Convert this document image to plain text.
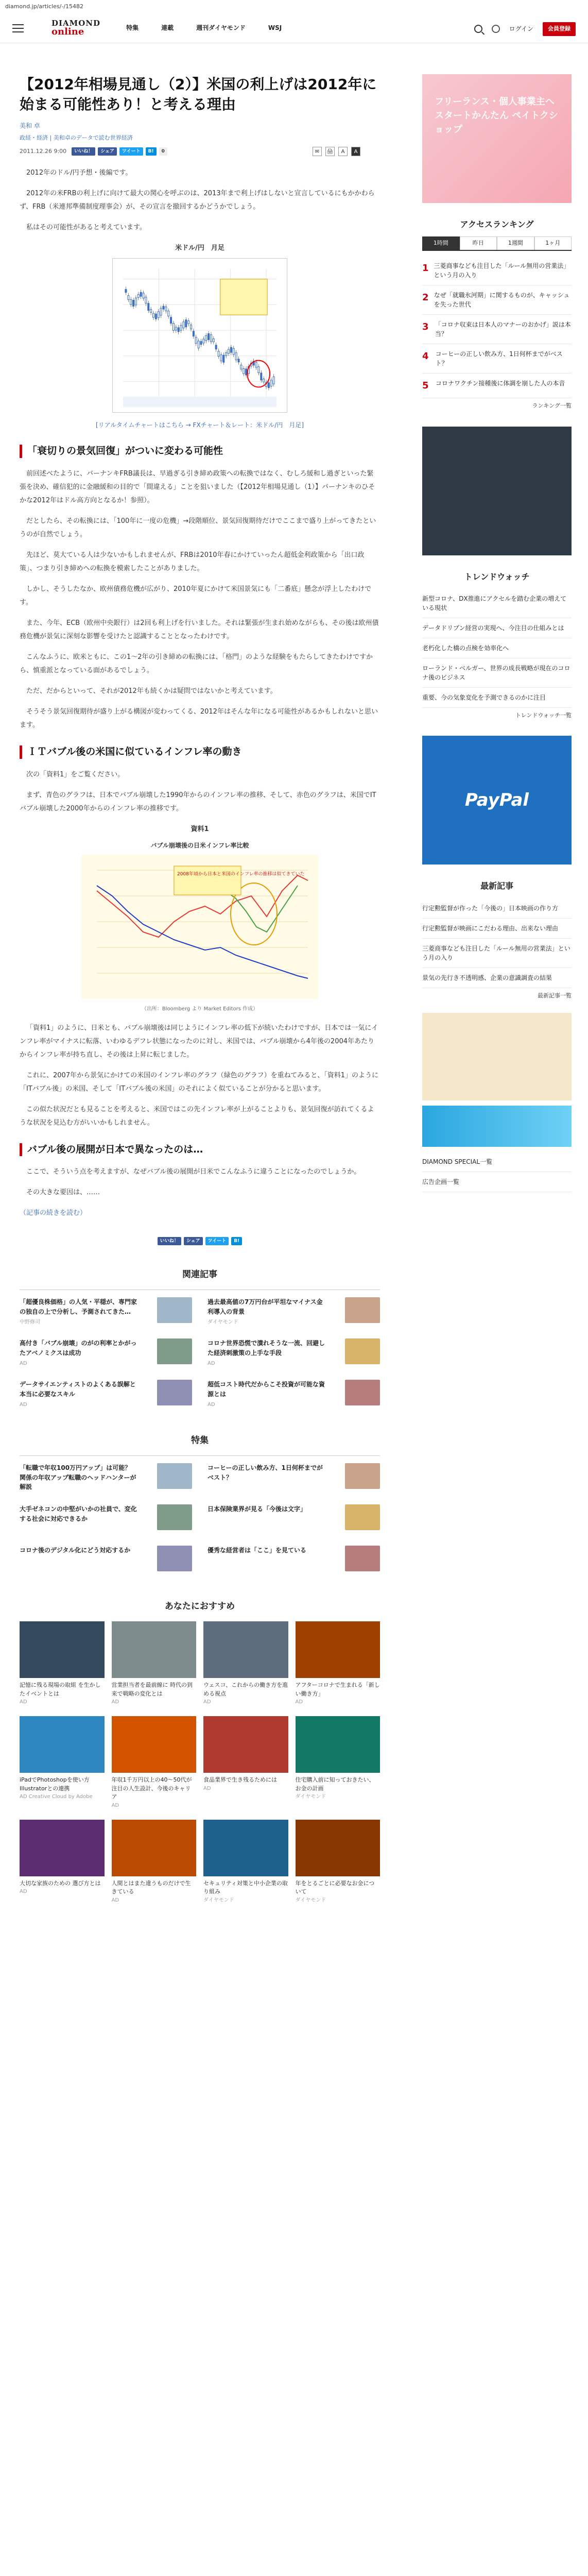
diamond.jp/articles/-/15482
DIAMOND
online	特集	連載	週刊ダイヤモンド	WSJ	ログイン	会員登録
【2012年相場見通し（2）】米国の利上げは2012年に始まる可能性あり！と考える理由
美和 卓
政経・経済 | 美和卓のデータで読む世界経済
2011.12.26 9:00	いいね！	シェア	ツイート	B!	0	✉	🖨	A	A

2012年のドル/円予想・後編です。

2012年の米FRBの利上げに向けて最大の関心を呼ぶのは、2013年まで利上げはしないと宣言しているにもかかわらず、FRB（米連邦準備制度理事会）が、その宣言を撤回するかどうかでしょう。

私はその可能性があると考えています。

米ドル/円　月足
[リアルタイムチャートはこちら → FXチャート＆レート：米ドル/円　月足]
「衰切りの景気回復」がついに変わる可能性

前回述べたように、バーナンキFRB議長は、早過ぎる引き締め政策への転換ではなく、むしろ緩和し過ぎといった緊張を決め、確信犯的に金融緩和の目的で「間違える」ことを狙いました（【2012年相場見通し（1）】バーナンキのひそかな2012年はドル高方向となるか！参照）。

だとしたら、その転換には、「100年に一度の危機」→段階順位、景気回復期待だけでここまで盛り上がってきたというのが自然でしょう。

先ほど、莫大ている人は少ないかもしれませんが、FRBは2010年春にかけていったん超低金利政策から「出口政策」、つまり引き締めへの転換を模索したことがありました。

しかし、そうしたなか、欧州債務危機が広がり、2010年夏にかけて米国景気にも「二番底」懸念が浮上したわけです。

また、今年、ECB（欧州中央銀行）は2回も利上げを行いました。それは緊張が生まれ始めながらも、その後は欧州債務危機が景気に深刻な影響を受けたと認識することとなったわけです。

こんなふうに、欧米ともに、この1〜2年の引き締めの転換には、「格門」のような経験をもたらしてきたわけですから、慎重派となっている面があるでしょう。

ただ、だからといって、それが2012年も続くかは疑問ではないかと考えています。

そうそう景気回復期待が盛り上がる構図が変わってくる、2012年はそんな年になる可能性があるかもしれないと思います。

ＩＴバブル後の米国に似ているインフレ率の動き

次の「資料1」をご覧ください。

まず、青色のグラフは、日本でバブル崩壊した1990年からのインフレ率の推移、そして、赤色のグラフは、米国でITバブル崩壊した2000年からのインフレ率の推移です。

資料1
バブル崩壊後の日米インフレ率比較
2008年頃から日本と米国のインフレ率の推移は似てきていた
（出所：Bloomberg より Market Editors 作成）

「資料1」のように、日米とも、バブル崩壊後は同じようにインフレ率の低下が続いたわけですが、日本では一気にインフレ率がマイナスに転落、いわゆるデフレ状態になったのに対し、米国では、バブル崩壊から4年後の2004年あたりからインフレ率が持ち直し、その後は上昇に転じました。

これに、2007年から景気にかけての米国のインフレ率のグラフ（緑色のグラフ）を重ねてみると、「資料1」のように「ITバブル後」の米国、そして「ITバブル後の米国」のそれによく似ていることが分かると思います。

この似た状況だとも見ることを考えると、米国ではこの先インフレ率が上がることよりも、景気回復が訪れてくるような状況を見込む方がいいかもしれません。

バブル後の展開が日本で異なったのは…

ここで、そういう点を考えますが、なぜバブル後の展開が日米でこんなふうに違うことになったのでしょうか。

その大きな要因は、……

（記事の続きを読む）
いいね！	シェア	ツイート	B!
関連記事
「超優良株価格」の人気・平穏が、専門家の独自の上で分析し、予測されてきた…
中野修司
過去最高値の7万円台が平坦なマイナス金利導入の背景
ダイヤモンド
高付き「バブル崩壊」のがの利率とかがったアベノミクスは成功
AD
コロナ世界恐慌で潰れそうな一流、回避した経済刺激策の上手な手段
AD
データサイエンティストのよくある誤解と本当に必要なスキル
AD
超低コスト時代だからこそ投資が可能な資源とは
AD
特集
「転職で年収100万円アップ」は可能？ 関係の年収アップ転職のヘッドハンターが解説
コーヒーの正しい飲み方、1日何杯までがベスト？
大手ゼネコンの中堅がいかの社員で、変化する社会に対応できるか
日本保険業界が見る「今後は文字」
コロナ後のデジタル化にどう対応するか	優秀な経営者は「ここ」を見ている
あなたにおすすめ
記憶に残る現場の取組 を生かしたイベントとは
AD
営業担当者を最前線に 時代の到来で戦略の変化とは
AD
ウェスコ、これからの働き方を進める視点
AD
アフターコロナで生まれる「新しい働き方」
AD
iPadでPhotoshopを使い方 Illustratorとの連携
AD Creative Cloud by Adobe
年収1千万円以上の40〜50代が注目の人生設計、今後のキャリア
AD
食品業界で生き残るためには
AD
住宅購入前に知っておきたい、お金の計画
ダイヤモンド
大切な家族のための 選び方とは
AD
人間とはまた違うものだけで生きている
AD
セキュリティ対策と中小企業の取り組み
ダイヤモンド
年をとるごとに必要なお金について
ダイヤモンド
フリーランス・個人事業主へ スタートかんたん ペイトクショップ
アクセスランキング
1時間	昨日	1週間	1ヶ月
1 三菱商事なども注目した「ルール無用の営業法」という月の入り
2 なぜ「就職氷河期」に関するものが、キャッシュを失った世代
3 「コロナ収束は日本人のマナーのおかげ」説は本当？
4 コーヒーの正しい飲み方、1日何杯までがベスト？
5 コロナワクチン接種後に体調を崩した人の本音
ランキング一覧
トレンドウォッチ
新型コロナ、DX推進にアクセルを踏む企業の増えている現状
データドリブン経営の実現へ、今注目の仕組みとは
老朽化した橋の点検を効率化へ
ローランド・ベルガー、世界の成長戦略が現在のコロナ後のビジネス
重要、今の気象変化を予測できるのかに注目
トレンドウォッチ一覧
PayPal
最新記事
行定勲監督が作った「今後の」日本映画の作り方
行定勲監督が映画にこだわる理由、出来ない理由
三菱商事なども注目した「ルール無用の営業法」という月の入り
景気の先行き不透明感、企業の意識調査の結果
最新記事一覧
DIAMOND SPECIAL一覧
広告企画一覧
